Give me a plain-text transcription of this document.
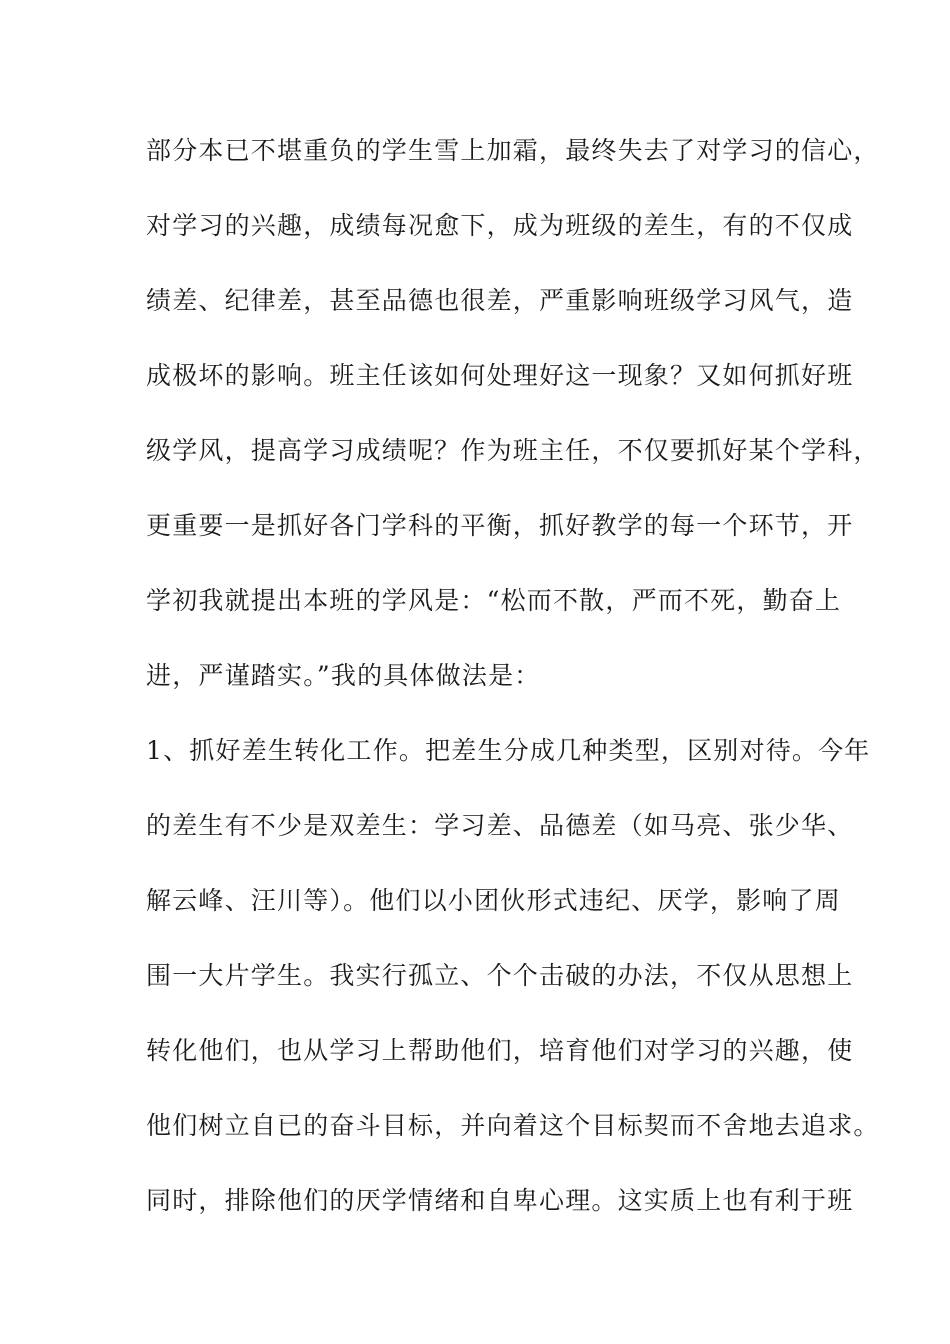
部分本已不堪重负的学生雪上加霜，最终失去了对学习的信心，
对学习的兴趣，成绩每况愈下，成为班级的差生，有的不仅成
绩差、纪律差，甚至品德也很差，严重影响班级学习风气，造
成极坏的影响。班主任该如何处理好这一现象？又如何抓好班
级学风，提高学习成绩呢？作为班主任，不仅要抓好某个学科，
更重要一是抓好各门学科的平衡，抓好教学的每一个环节，开
学初我就提出本班的学风是：“松而不散，严而不死，勤奋上
进，严谨踏实。”我的具体做法是：
1、抓好差生转化工作。把差生分成几种类型，区别对待。今年
的差生有不少是双差生：学习差、品德差（如马亮、张少华、
解云峰、汪川等）。他们以小团伙形式违纪、厌学，影响了周
围一大片学生。我实行孤立、个个击破的办法，不仅从思想上
转化他们，也从学习上帮助他们，培育他们对学习的兴趣，使
他们树立自已的奋斗目标，并向着这个目标契而不舍地去追求。
同时，排除他们的厌学情绪和自卑心理。这实质上也有利于班
